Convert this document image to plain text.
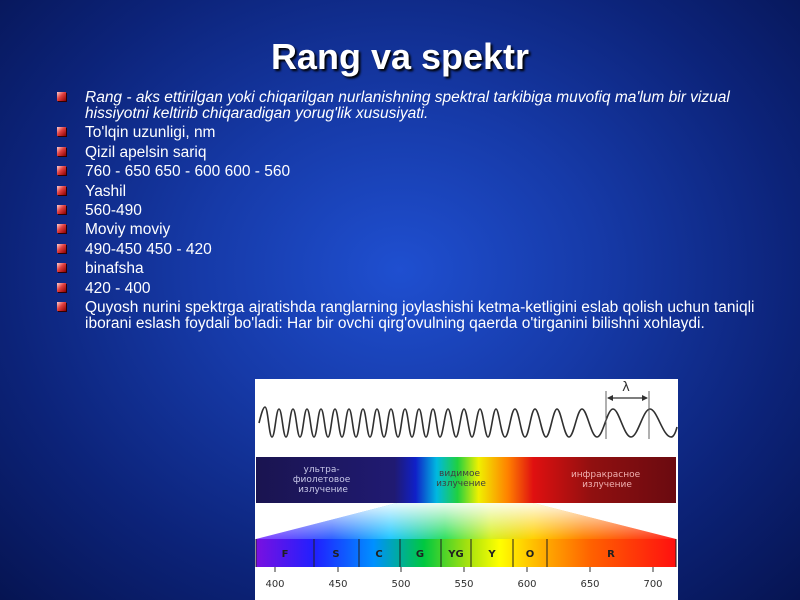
Rang va spektr
Rang - aks ettirilgan yoki chiqarilgan nurlanishning spektral tarkibiga muvofiq ma'lum bir vizual hissiyotni keltirib chiqaradigan yorug'lik xususiyati.
To'lqin uzunligi, nm
Qizil apelsin sariq
760 - 650 650 - 600 600 - 560
Yashil
560-490
Moviy moviy
490-450 450 - 420
binafsha
420 - 400
Quyosh nurini spektrga ajratishda ranglarning joylashishi ketma-ketligini eslab qolish uchun taniqli iborani eslash foydali bo'ladi: Har bir ovchi qirg'ovulning qaerda o'tirganini bilishni xohlaydi.
λ
ультра- фиолетовое излучение
видимое излучение
инфракрасное излучение
F	S	C	G YG Y	O	R
400	450	500	550	600	650	700
